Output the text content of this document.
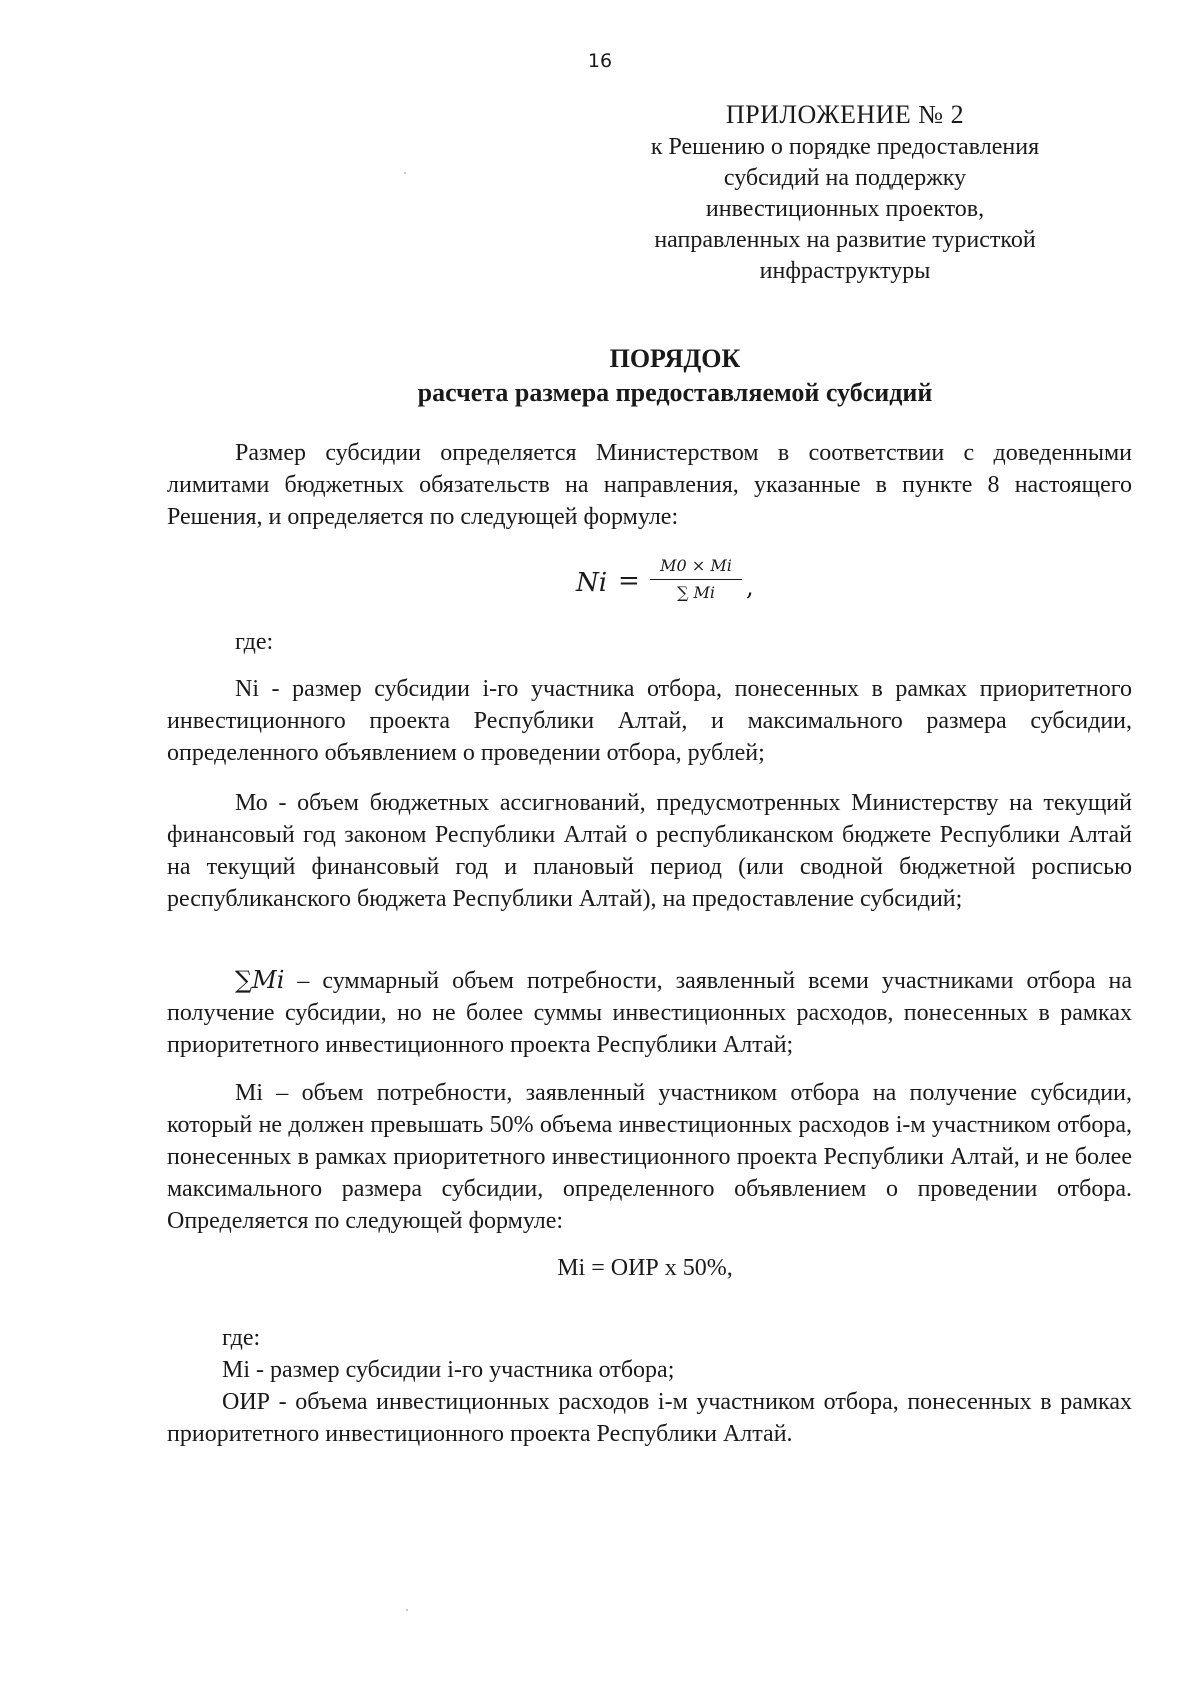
16
ПРИЛОЖЕНИЕ № 2
к Решению о порядке предоставления
субсидий на поддержку
инвестиционных проектов,
направленных на развитие туристкой
инфраструктуры
ПОРЯДОК
расчета размера предоставляемой субсидий

Размер субсидии определяется Министерством в соответствии с доведенными лимитами бюджетных обязательств на направления, указанные в пункте 8 настоящего Решения, и определяется по следующей формуле:

Ni =
M0 × Mi
∑ Mi	,
где:

Ni - размер субсидии i-го участника отбора, понесенных в рамках приоритетного инвестиционного проекта Республики Алтай, и максимального размера субсидии, определенного объявлением о проведении отбора, рублей;

Мо - объем бюджетных ассигнований, предусмотренных Министерству на текущий финансовый год законом Республики Алтай о республиканском бюджете Республики Алтай на текущий финансовый год и плановый период (или сводной бюджетной росписью республиканского бюджета Республики Алтай), на предоставление субсидий;

∑Mi – суммарный объем потребности, заявленный всеми участниками отбора на получение субсидии, но не более суммы инвестиционных расходов, понесенных в рамках приоритетного инвестиционного проекта Республики Алтай;

Mi – объем потребности, заявленный участником отбора на получение субсидии, который не должен превышать 50% объема инвестиционных расходов i-м участником отбора, понесенных в рамках приоритетного инвестиционного проекта Республики Алтай, и не более максимального размера субсидии, определенного объявлением о проведении отбора. Определяется по следующей формуле:

Mi = ОИР х 50%,
где:
Mi - размер субсидии i-го участника отбора;

ОИР - объема инвестиционных расходов i-м участником отбора, понесенных в рамках приоритетного инвестиционного проекта Республики Алтай.
